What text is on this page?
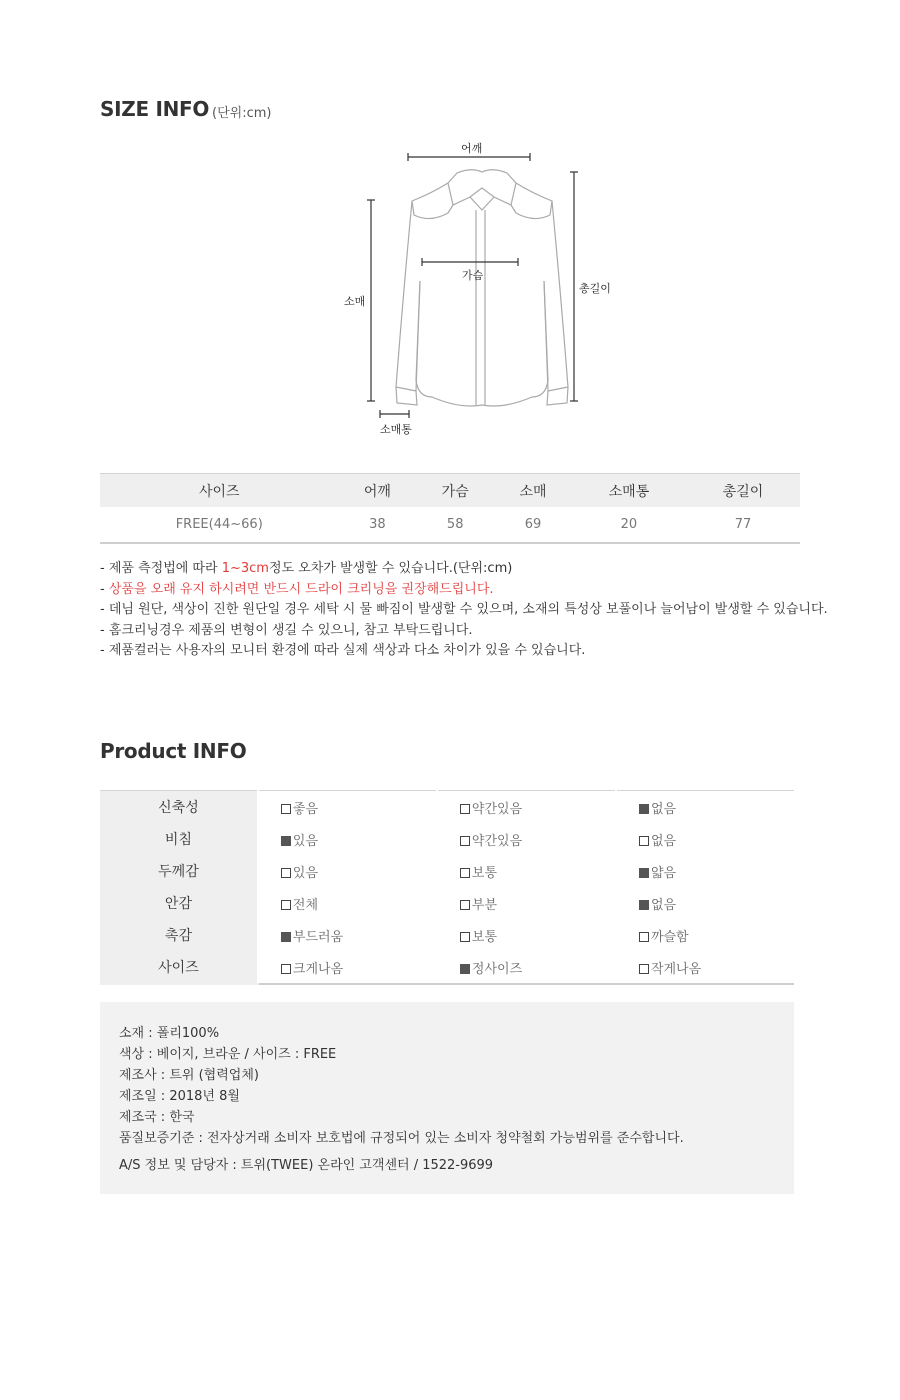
SIZE INFO (단위:cm)
어깨
가슴
소매
총길이
소매통
사이즈	어깨	가슴	소매	소매통	총길이
FREE(44~66)	38	58	69	20	77
- 제품 측정법에 따라 1~3cm정도 오차가 발생할 수 있습니다.(단위:cm)
- 상품을 오래 유지 하시려면 반드시 드라이 크리닝을 권장해드립니다.
- 데님 원단, 색상이 진한 원단일 경우 세탁 시 물 빠짐이 발생할 수 있으며, 소재의 특성상 보풀이나 늘어남이 발생할 수 있습니다.
- 홈크리닝경우 제품의 변형이 생길 수 있으니, 참고 부탁드립니다.
- 제품컬러는 사용자의 모니터 환경에 따라 실제 색상과 다소 차이가 있을 수 있습니다.
Product INFO
신축성	좋음	약간있음	없음
비침	있음	약간있음	없음
두께감	있음	보통	얇음
안감	전체	부분	없음
촉감	부드러움	보통	까슬함
사이즈	크게나옴	정사이즈	작게나옴
소재 : 폴리100%
색상 : 베이지, 브라운 / 사이즈 : FREE
제조사 : 트위 (협력업체)
제조일 : 2018년 8월
제조국 : 한국
품질보증기준 : 전자상거래 소비자 보호법에 규정되어 있는 소비자 청약철회 가능범위를 준수합니다.
A/S 정보 및 담당자 : 트위(TWEE) 온라인 고객센터 / 1522-9699
